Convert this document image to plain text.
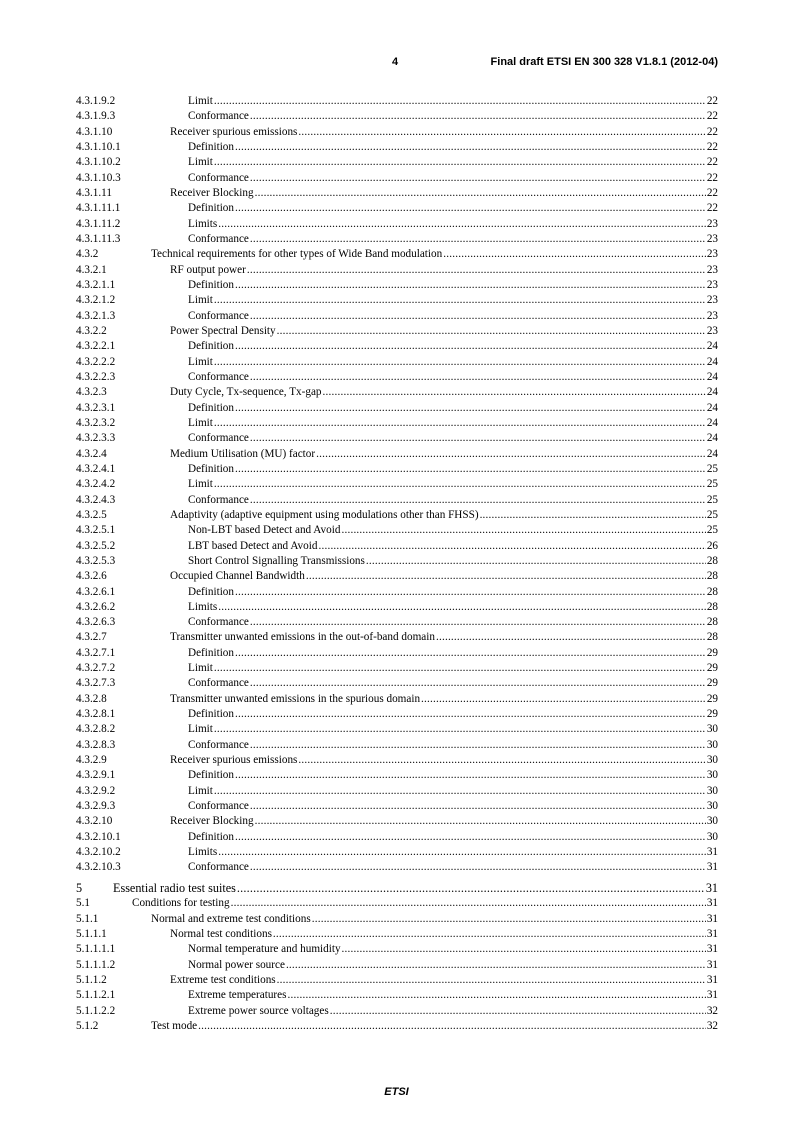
4	Final draft ETSI EN 300 328 V1.8.1 (2012-04)
4.3.1.9.2	Limit .....	22
4.3.1.9.3	Conformance .....	22
4.3.1.10	Receiver spurious emissions .....	22
4.3.1.10.1	Definition .....	22
4.3.1.10.2	Limit .....	22
4.3.1.10.3	Conformance .....	22
4.3.1.11	Receiver Blocking .....	22
4.3.1.11.1	Definition .....	22
4.3.1.11.2	Limits .....	23
4.3.1.11.3	Conformance .....	23
4.3.2	Technical requirements for other types of Wide Band modulation .....	23
4.3.2.1	RF output power .....	23
4.3.2.1.1	Definition .....	23
4.3.2.1.2	Limit .....	23
4.3.2.1.3	Conformance .....	23
4.3.2.2	Power Spectral Density .....	23
4.3.2.2.1	Definition .....	24
4.3.2.2.2	Limit .....	24
4.3.2.2.3	Conformance .....	24
4.3.2.3	Duty Cycle, Tx-sequence, Tx-gap .....	24
4.3.2.3.1	Definition .....	24
4.3.2.3.2	Limit .....	24
4.3.2.3.3	Conformance .....	24
4.3.2.4	Medium Utilisation (MU) factor .....	24
4.3.2.4.1	Definition .....	25
4.3.2.4.2	Limit .....	25
4.3.2.4.3	Conformance .....	25
4.3.2.5	Adaptivity (adaptive equipment using modulations other than FHSS) .....	25
4.3.2.5.1	Non-LBT based Detect and Avoid .....	25
4.3.2.5.2	LBT based Detect and Avoid .....	26
4.3.2.5.3	Short Control Signalling Transmissions .....	28
4.3.2.6	Occupied Channel Bandwidth .....	28
4.3.2.6.1	Definition .....	28
4.3.2.6.2	Limits .....	28
4.3.2.6.3	Conformance .....	28
4.3.2.7	Transmitter unwanted emissions in the out-of-band domain .....	28
4.3.2.7.1	Definition .....	29
4.3.2.7.2	Limit .....	29
4.3.2.7.3	Conformance .....	29
4.3.2.8	Transmitter unwanted emissions in the spurious domain .....	29
4.3.2.8.1	Definition .....	29
4.3.2.8.2	Limit .....	30
4.3.2.8.3	Conformance .....	30
4.3.2.9	Receiver spurious emissions .....	30
4.3.2.9.1	Definition .....	30
4.3.2.9.2	Limit .....	30
4.3.2.9.3	Conformance .....	30
4.3.2.10	Receiver Blocking .....	30
4.3.2.10.1	Definition .....	30
4.3.2.10.2	Limits .....	31
4.3.2.10.3	Conformance .....	31
5	Essential radio test suites .....	31
5.1	Conditions for testing .....	31
5.1.1	Normal and extreme test conditions .....	31
5.1.1.1	Normal test conditions .....	31
5.1.1.1.1	Normal temperature and humidity .....	31
5.1.1.1.2	Normal power source .....	31
5.1.1.2	Extreme test conditions .....	31
5.1.1.2.1	Extreme temperatures .....	31
5.1.1.2.2	Extreme power source voltages .....	32
5.1.2	Test mode .....	32
ETSI
